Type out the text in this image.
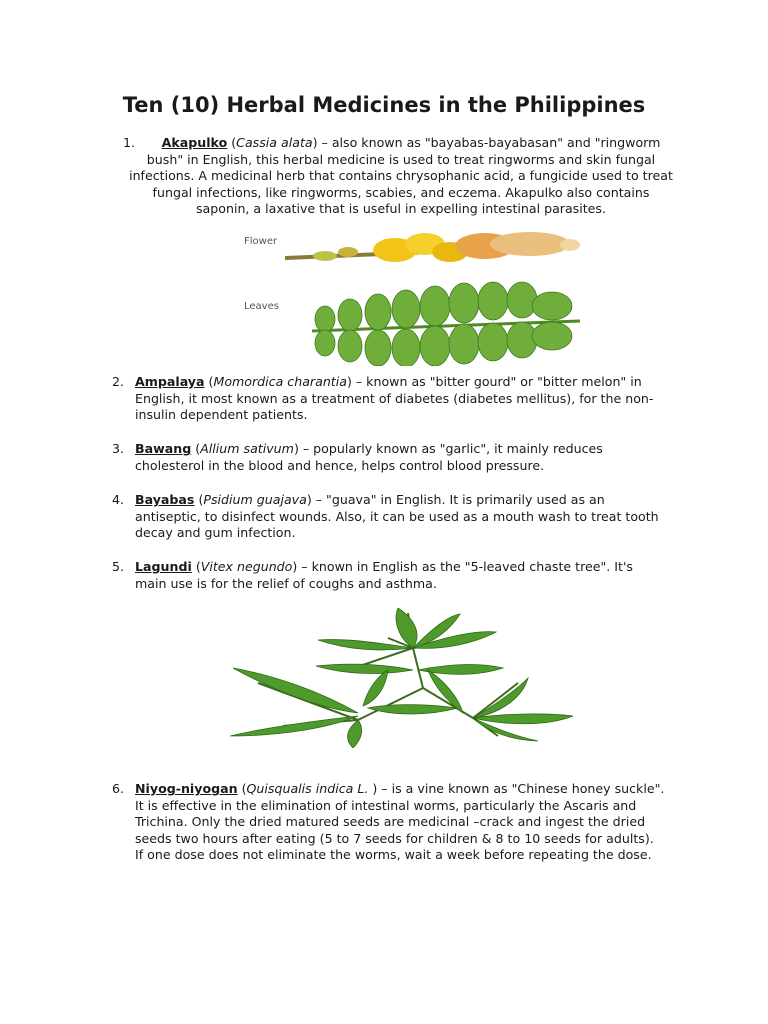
Ten (10) Herbal Medicines in the Philippines
1.	Akapulko (Cassia alata) – also known as "bayabas-bayabasan" and "ringworm bush" in English, this herbal medicine is used to treat ringworms and skin fungal infections. A medicinal herb that contains chrysophanic acid, a fungicide used to treat fungal infections, like ringworms, scabies, and eczema. Akapulko also contains saponin, a laxative that is useful in expelling intestinal parasites.
Flower
Leaves
2. Ampalaya (Momordica charantia) – known as "bitter gourd" or "bitter melon" in English, it most known as a treatment of diabetes (diabetes mellitus), for the non-insulin dependent patients.
3. Bawang (Allium sativum) – popularly known as "garlic", it mainly reduces cholesterol in the blood and hence, helps control blood pressure.
4. Bayabas (Psidium guajava) – "guava" in English. It is primarily used as an antiseptic, to disinfect wounds. Also, it can be used as a mouth wash to treat tooth decay and gum infection.
5. Lagundi (Vitex negundo) – known in English as the "5-leaved chaste tree". It's main use is for the relief of coughs and asthma.
6. Niyog-niyogan (Quisqualis indica L. ) – is a vine known as "Chinese honey suckle". It is effective in the elimination of intestinal worms, particularly the Ascaris and Trichina. Only the dried matured seeds are medicinal –crack and ingest the dried seeds two hours after eating (5 to 7 seeds for children & 8 to 10 seeds for adults). If one dose does not eliminate the worms, wait a week before repeating the dose.
